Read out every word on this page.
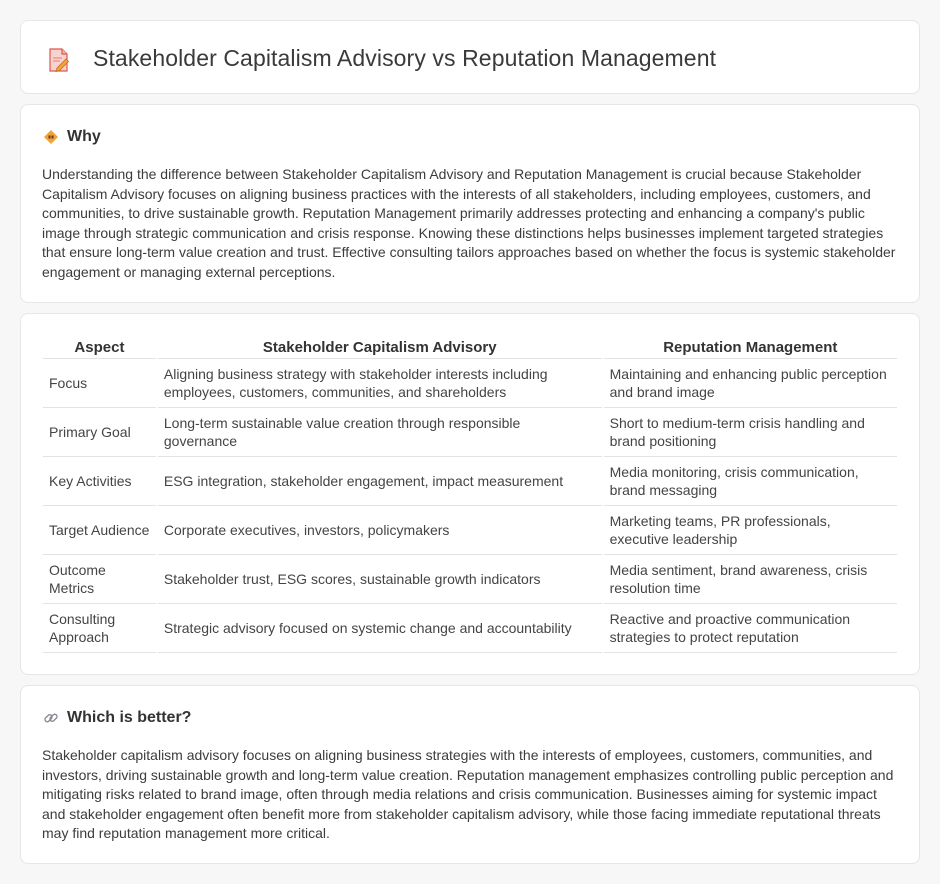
Stakeholder Capitalism Advisory vs Reputation Management
Why

Understanding the difference between Stakeholder Capitalism Advisory and Reputation Management is crucial because Stakeholder Capitalism Advisory focuses on aligning business practices with the interests of all stakeholders, including employees, customers, and communities, to drive sustainable growth. Reputation Management primarily addresses protecting and enhancing a company's public image through strategic communication and crisis response. Knowing these distinctions helps businesses implement targeted strategies that ensure long-term value creation and trust. Effective consulting tailors approaches based on whether the focus is systemic stakeholder engagement or managing external perceptions.

Aspect	Stakeholder Capitalism Advisory	Reputation Management
Focus	Aligning business strategy with stakeholder interests including employees, customers, communities, and shareholders	Maintaining and enhancing public perception and brand image
Primary Goal	Long-term sustainable value creation through responsible governance	Short to medium-term crisis handling and brand positioning
Key Activities	ESG integration, stakeholder engagement, impact measurement	Media monitoring, crisis communication, brand messaging
Target Audience	Corporate executives, investors, policymakers	Marketing teams, PR professionals, executive leadership
Outcome Metrics	Stakeholder trust, ESG scores, sustainable growth indicators	Media sentiment, brand awareness, crisis resolution time
Consulting Approach	Strategic advisory focused on systemic change and accountability	Reactive and proactive communication strategies to protect reputation
Which is better?

Stakeholder capitalism advisory focuses on aligning business strategies with the interests of employees, customers, communities, and investors, driving sustainable growth and long-term value creation. Reputation management emphasizes controlling public perception and mitigating risks related to brand image, often through media relations and crisis communication. Businesses aiming for systemic impact and stakeholder engagement often benefit more from stakeholder capitalism advisory, while those facing immediate reputational threats may find reputation management more critical.
